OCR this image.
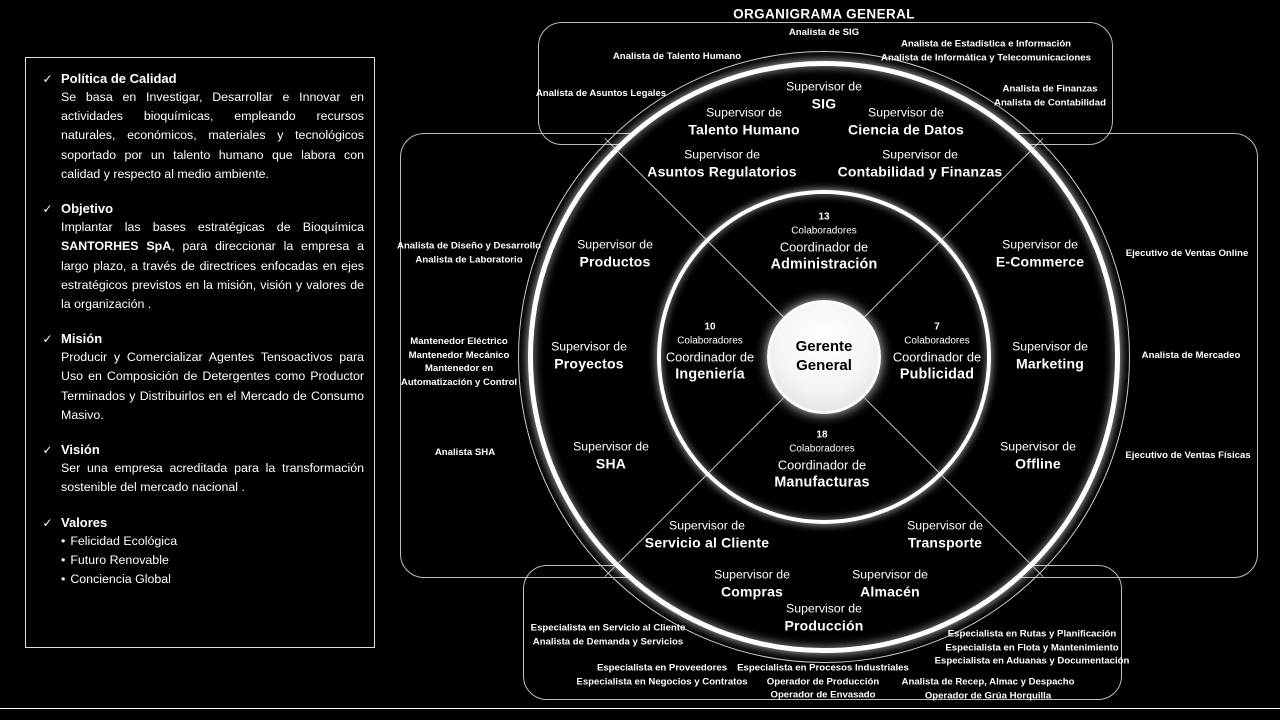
ORGANIGRAMA GENERAL
✓ Política de Calidad
Se basa en Investigar, Desarrollar e Innovar en actividades bioquímicas, empleando recursos naturales, económicos, materiales y tecnológicos soportado por un talento humano que labora con calidad y respecto al medio ambiente.
✓ Objetivo
Implantar las bases estratégicas de Bioquímica SANTORHES SpA, para direccionar la empresa a largo plazo, a través de directrices enfocadas en ejes estratégicos previstos en la misión, visión y valores de la organización .
✓ Misión
Producir y Comercializar Agentes Tensoactivos para Uso en Composición de Detergentes como Productor Terminados y Distribuirlos en el Mercado de Consumo Masivo.
✓ Visión
Ser una empresa acreditada para la transformación sostenible del mercado nacional .
✓ Valores
• Felicidad Ecológica
• Futuro Renovable
• Conciencia Global
Supervisor de
SIG
Supervisor de
Talento Humano
Supervisor de
Ciencia de Datos
Supervisor de
Asuntos Regulatorios
Supervisor de
Contabilidad y Finanzas
Supervisor de
Productos
Supervisor de
Proyectos
Supervisor de
SHA
Supervisor de
E-Commerce
Supervisor de
Marketing
Supervisor de
Offline
Supervisor de
Servicio al Cliente
Supervisor de
Transporte
Supervisor de
Compras
Supervisor de
Almacén
Supervisor de
Producción
13
Colaboradores
Coordinador de
Administración
10
Colaboradores
Coordinador de
Ingeniería
7
Colaboradores
Coordinador de
Publicidad
18
Colaboradores
Coordinador de
Manufacturas
Gerente General
Analista de SIG
Analista de Talento Humano
Analista de Estadística e Información
Analista de Informática y Telecomunicaciones
Analista de Asuntos Legales	Analista de Finanzas
Analista de Contabilidad
Analista de Diseño y Desarrollo
Analista de Laboratorio
Mantenedor Eléctrico
Mantenedor Mecánico
Mantenedor en
Automatización y Control
Analista SHA
Ejecutivo de Ventas Online
Analista de Mercadeo
Ejecutivo de Ventas Físicas
Especialista en Servicio al Cliente
Analista de Demanda y Servicios
Especialista en Proveedores
Especialista en Negocios y Contratos
Especialista en Procesos Industriales
Operador de Producción
Operador de Envasado
Especialista en Rutas y Planificación
Especialista en Flota y Mantenimiento
Especialista en Aduanas y Documentación
Analista de Recep, Almac y Despacho
Operador de Grúa Horquilla
